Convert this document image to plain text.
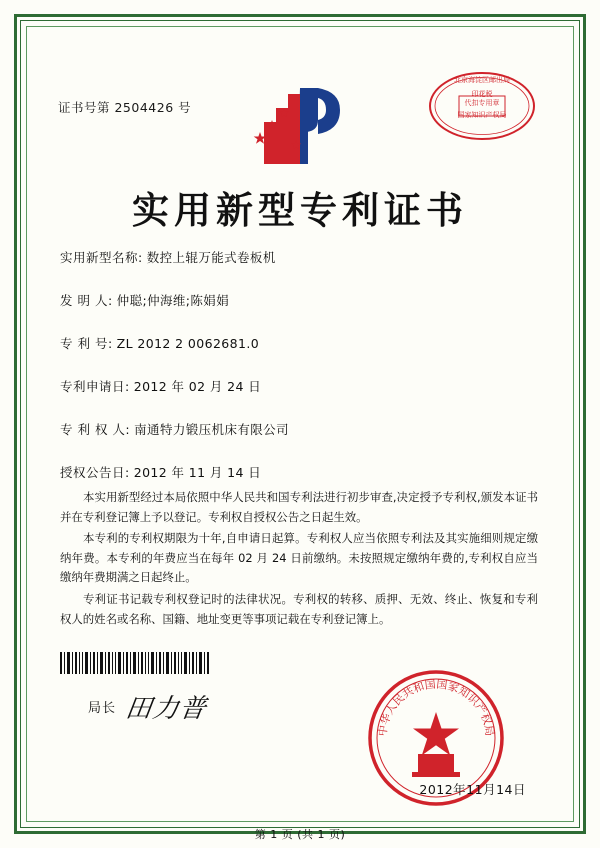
证书号第 2504426 号
北京海淀区邮出局
印花税
代扣专用章
国家知识产权局
实用新型专利证书
实用新型名称: 数控上辊万能式卷板机
发 明 人: 仲聪;仲海维;陈娟娟
专 利 号: ZL 2012 2 0062681.0
专利申请日: 2012 年 02 月 24 日
专 利 权 人: 南通特力锻压机床有限公司
授权公告日: 2012 年 11 月 14 日

本实用新型经过本局依照中华人民共和国专利法进行初步审查,决定授予专利权,颁发本证书并在专利登记簿上予以登记。专利权自授权公告之日起生效。

本专利的专利权期限为十年,自申请日起算。专利权人应当依照专利法及其实施细则规定缴纳年费。本专利的年费应当在每年 02 月 24 日前缴纳。未按照规定缴纳年费的,专利权自应当缴纳年费期满之日起终止。

专利证书记载专利权登记时的法律状况。专利权的转移、质押、无效、终止、恢复和专利权人的姓名或名称、国籍、地址变更等事项记载在专利登记簿上。

局长 田力普
中华人民共和国国家知识产权局
2012年11月14日
第 1 页 (共 1 页)
